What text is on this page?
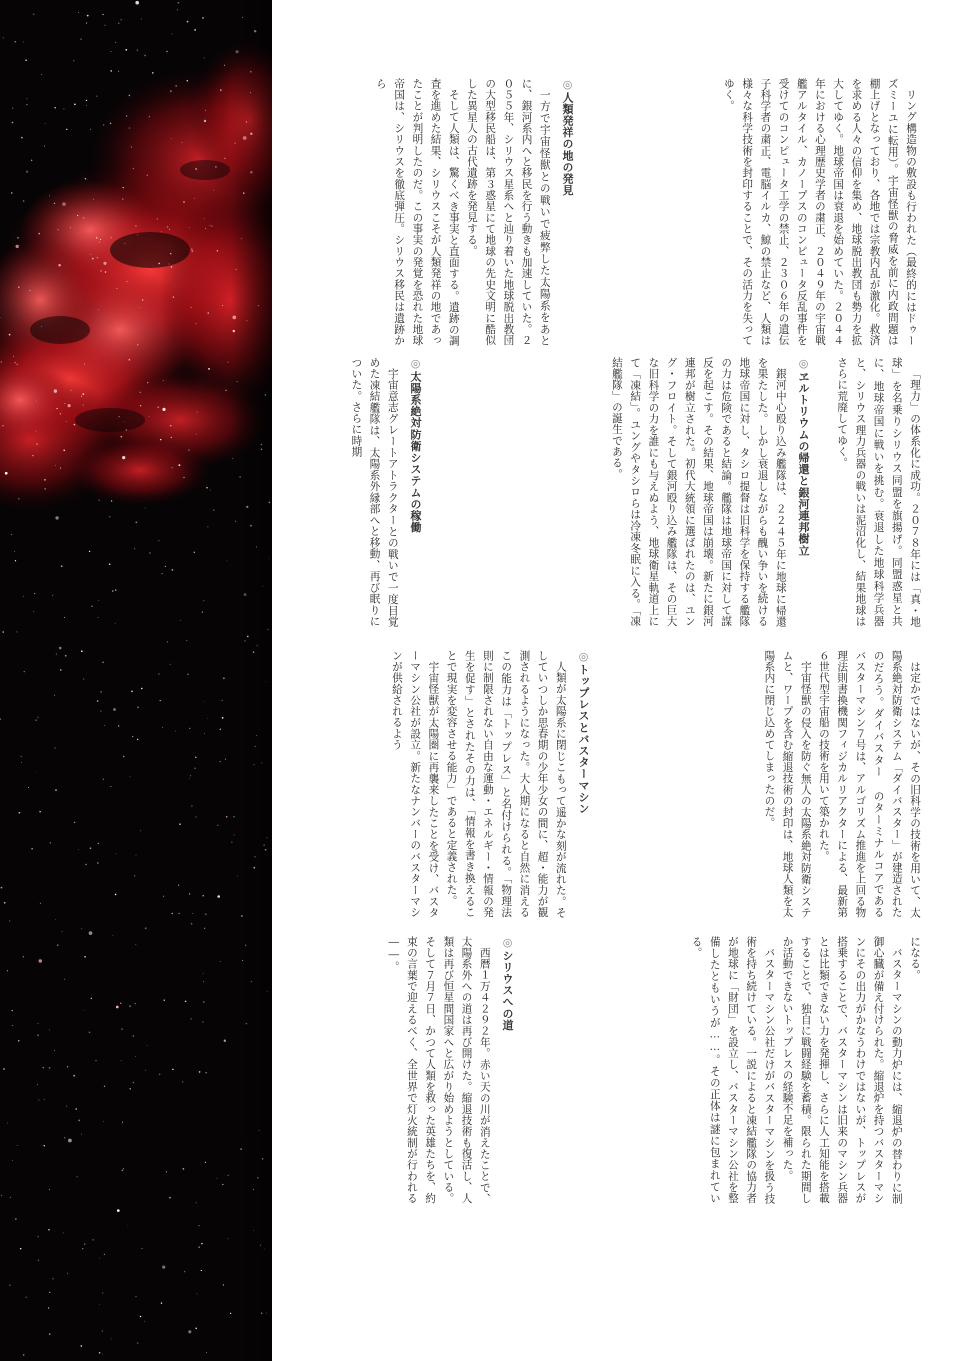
リング構造物の敷設も行われた（最終的にはドゥーズミーユに転用）。宇宙怪獣の脅威を前に内政問題は棚上げとなっており、各地では宗教内乱が激化。救済を求める人々の信仰を集め、地球脱出教団も勢力を拡大してゆく。地球帝国は衰退を始めていた。２０４４年における心理歴史学者の粛正、２０４９年の宇宙戦艦アルタイル、カノープスのコンピュータ反乱事件を受けてのコンピュータ工学の禁止、２３０６年の遺伝子科学者の粛正、電脳イルカ、鯨の禁止など、人類は様々な科学技術を封印することで、その活力を失ってゆく。

◎人類発祥の地の発見

一方で宇宙怪獣との戦いで疲弊した太陽系をあとに、銀河系内へと移民を行う動きも加速していた。２０５５年、シリウス星系へと辿り着いた地球脱出教団の大型移民船は、第３惑星にて地球の先史文明に酷似した異星人の古代遺跡を発見する。

そして人類は、驚くべき事実と直面する。遺跡の調査を進めた結果、シリウスこそが人類発祥の地であったことが判明したのだ。この事実の発覚を恐れた地球帝国は、シリウスを徹底弾圧。シリウス移民は遺跡から

「理力」の体系化に成功。２０７８年には「真・地球」を名乗りシリウス同盟を旗揚げ。同盟惑星と共に、地球帝国に戦いを挑む。衰退した地球科学兵器と、シリウス理力兵器の戦いは泥沼化し、結果地球はさらに荒廃してゆく。

◎ヱルトリウムの帰還と銀河連邦樹立

銀河中心殴り込み艦隊は、２２４５年に地球に帰還を果たした。しかし衰退しながらも醜い争いを続ける地球帝国に対し、タシロ提督は旧科学を保持する艦隊の力は危険であると結論。艦隊は地球帝国に対して謀反を起こす。その結果、地球帝国は崩壊。新たに銀河連邦が樹立された。初代大統領に選ばれたのは、ユング・フロイト。そして銀河殴り込み艦隊は、その巨大な旧科学の力を誰にも与えぬよう、地球衛星軌道上にて「凍結」。ユングやタシロらは冷凍冬眠に入る。「凍結艦隊」の誕生である。

◎太陽系絶対防衛システムの稼働

宇宙意志グレートアトラクターとの戦いで一度目覚めた凍結艦隊は、太陽系外縁部へと移動、再び眠りについた。さらに時期

は定かではないが、その旧科学の技術を用いて、太陽系絶対防衛システム「ダイバスター」が建造されたのだろう。ダイバスター のターミナルコアであるバスターマシン７号は、アルゴリズム推進を上回る物理法則書換機関フィジカルリアクターによる、最新第６世代型宇宙船の技術を用いて築かれた。

宇宙怪獣の侵入を防ぐ無人の太陽系絶対防衛システムと、ワープを含む縮退技術の封印は、地球人類を太陽系内に閉じ込めてしまったのだ。

◎トップレスとバスターマシン

人類が太陽系に閉じこもって遥かな刻が流れた。そしていつしか思春期の少年少女の間に、超・能力が観測されるようになった。大人期になると自然に消えるこの能力は「トップレス」と名付けられる。「物理法則に制限されない自由な運動・エネルギー・情報の発生を促す」とされたその力は、「情報を書き換えることで現実を変容させる能力」であると定義された。

宇宙怪獣が太陽圏に再襲来したことを受け、バスターマシン公社が設立。新たなナンバーのバスターマシンが供給されるよう

になる。

バスターマシンの動力炉には、縮退炉の替わりに制御心臓が備え付けられた。縮退炉を持つバスターマシンにその出力がかなうわけではないが、トップレスが搭乗することで、バスターマシンは旧来のマシン兵器とは比類できない力を発揮し、さらに人工知能を搭載することで、独自に戦闘経験を蓄積。限られた期間しか活動できないトップレスの経験不足を補った。

バスターマシン公社だけがバスターマシンを扱う技術を持ち続けている。一説によると凍結艦隊の協力者が地球に「財団」を設立し、バスターマシン公社を整備したともいうが……。その正体は謎に包まれている。

◎シリウスへの道

西暦１万４２９２年。赤い天の川が消えたことで、太陽系外への道は再び開けた。縮退技術も復活し、人類は再び恒星間国家へと広がり始めようとしている。そして７月７日、かつて人類を救った英雄たちを、約束の言葉で迎えるべく、全世界で灯火統制が行われる――。
